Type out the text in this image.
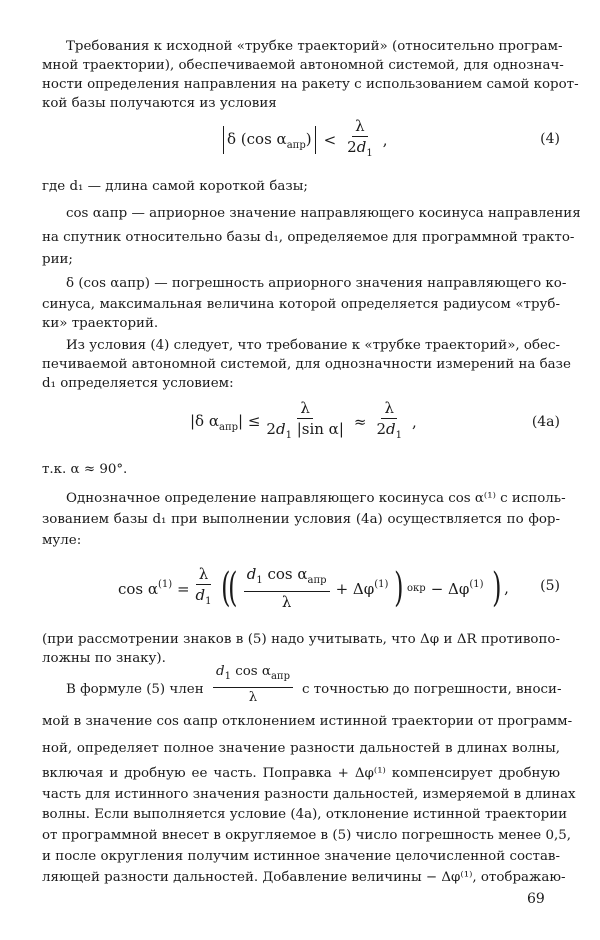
Требования к исходной «трубке траекторий» (относительно програм-
мной траектории), обеспечиваемой автономной системой, для однознач-
ности определения направления на ракету с использованием самой корот-
кой базы получаются из условия
δ (cos $\alpha_{апр}) < \frac{\lambda}{2d_1}$ ,	(4)
где d₁ — длина самой короткой базы;
cos αапр — априорное значение направляющего косинуса направления
на спутник относительно базы d₁, определяемое для программной тракто-
рии;
δ (cos αапр) — погрешность априорного значения направляющего ко-
синуса, максимальная величина которой определяется радиусом «труб-
ки» траекторий.
Из условия (4) следует, что требование к «трубке траекторий», обес-
печиваемой автономной системой, для однозначности измерений на базе
d₁ определяется условием:
|δ $\alpha_{апр}| \le \frac{\lambda}{2d_1 |\sin \alpha|} \approx \frac{\lambda}{2d_1}$ ,	(4а)
т.к. α ≈ 90°.
Однозначное определение направляющего косинуса cos α⁽¹⁾ с исполь-
зованием базы d₁ при выполнении условия (4а) осуществляется по фор-
муле:
$\cos \alpha^{(1)} = \frac{\lambda}{d_1}$ (
( $\frac{d_1 \cos \alpha_{апр}}{\lambda} + \Delta\varphi^{(1)}$ ) окр − $\Delta\varphi^{(1)}$ ) , (5)
(при рассмотрении знаков в (5) надо учитывать, что Δφ и ΔR противопо-
ложны по знаку).
В формуле (5) член $\frac{d_1 \cos \alpha_{апр}}{\lambda}$ с точностью до погрешности, вноси-
мой в значение cos αапр отклонением истинной траектории от программ-
ной, определяет полное значение разности дальностей в длинах волны,
включая и дробную ее часть. Поправка + Δφ⁽¹⁾ компенсирует дробную
часть для истинного значения разности дальностей, измеряемой в длинах
волны. Если выполняется условие (4а), отклонение истинной траектории
от программной внесет в округляемое в (5) число погрешность менее 0,5,
и после округления получим истинное значение целочисленной состав-
ляющей разности дальностей. Добавление величины − Δφ⁽¹⁾, отображаю-
69
